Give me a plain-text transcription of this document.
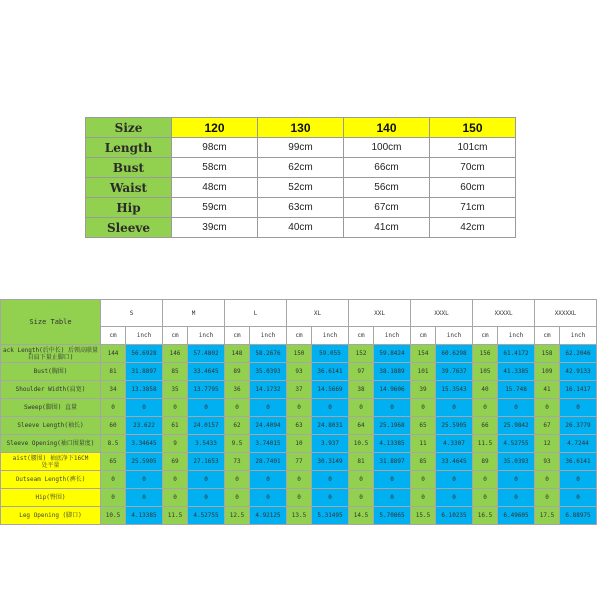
Size	120	130	140	150
Length	98cm	99cm	100cm	101cm
Bust	58cm	62cm	66cm	70cm
Waist	48cm	52cm	56cm	60cm
Hip	59cm	63cm	67cm	71cm
Sleeve	39cm	40cm	41cm	42cm
Size Table	S		M		L		XL		XXL		XXXL		XXXXL		XXXXXL	
	cm	inch	cm	inch	cm	inch	cm	inch	cm	inch	cm	inch	cm	inch	cm	inch
ack Length(后中长) 后领高联量
自肩下量止脚口)	144	56.6928	146	57.4802	148	58.2676	150	59.055	152	59.8424	154	60.6298	156	61.4172	158	62.2046
Bust(胸围)	81	31.8897	85	33.4645	89	35.0393	93	36.6141	97	38.1889	101	39.7637	105	41.3385	109	42.9133
Shoulder Width(肩宽)	34	13.3858	35	13.7795	36	14.1732	37	14.5669	38	14.9606	39	15.3543	40	15.748	41	16.1417
Sweep(脚围) 直量	0	0	0	0	0	0	0	0	0	0	0	0	0	0	0	0
Sleeve Length(袖长)	60	23.622	61	24.0157	62	24.4094	63	24.8031	64	25.1968	65	25.5905	66	25.9842	67	26.3779
Sleeve Opening(袖口围量度)	8.5	3.34645	9	3.5433	9.5	3.74015	10	3.937	10.5	4.13385	11	4.3307	11.5	4.52755	12	4.7244
aist(腰围) 袖底净下16CM
处平量	65	25.5905	69	27.1653	73	28.7401	77	30.3149	81	31.8897	85	33.4645	89	35.0393	93	36.6141
Outseam Length(裤长)	0	0	0	0	0	0	0	0	0	0	0	0	0	0	0	0
Hip(臀围)	0	0	0	0	0	0	0	0	0	0	0	0	0	0	0	0
Leg Opening (脚口)	10.5	4.13385	11.5	4.52755	12.5	4.92125	13.5	5.31495	14.5	5.70865	15.5	6.10235	16.5	6.49605	17.5	6.88975
